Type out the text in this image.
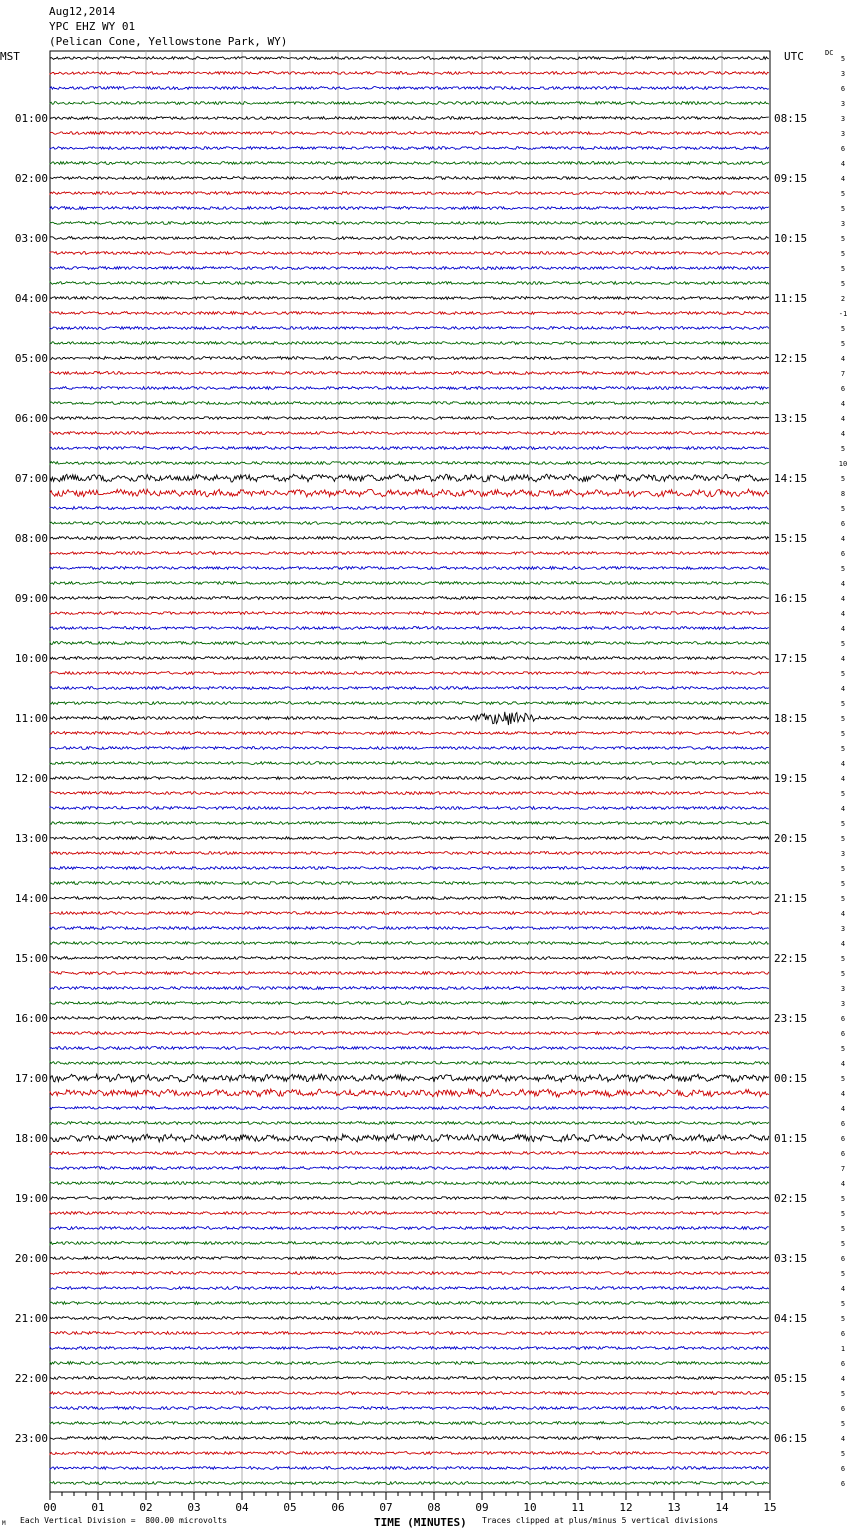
Aug12,2014
YPC EHZ WY 01
(Pelican Cone, Yellowstone Park, WY)
MST	UTC	DC
00	01	02	03	04	05	06	07	08	09	10	11	12	13	14	15
5
3
6
3
3
3
6
4
4
5
5
3
5
5
5
5
2
-1
5
5
4
7
6
4
4
4
5
10
5
8
5
6
4
6
5
4
4
4
4
5
4
5
4
5
5
5
5
4
4
5
4
5
5
3
5
5
5
4
3
4
5
5
3
3
6
6
5
4
5
4
4
6
6
6
7
4
5
5
5
5
6
5
4
5
5
6
1
6
4
5
6
5
4
5
6
6
01:00
02:00
03:00
04:00
05:00
06:00
07:00
08:00
09:00
10:00
11:00
12:00
13:00
14:00
15:00
16:00
17:00
18:00
19:00
20:00
21:00
22:00
23:00
08:15
09:15
10:15
11:15
12:15
13:15
14:15
15:15
16:15
17:15
18:15
19:15
20:15
21:15
22:15
23:15
00:15
01:15
02:15
03:15
04:15
05:15
06:15
TIME (MINUTES)
Each Vertical Division =  800.00 microvolts	Traces clipped at plus/minus 5 vertical divisions
M
